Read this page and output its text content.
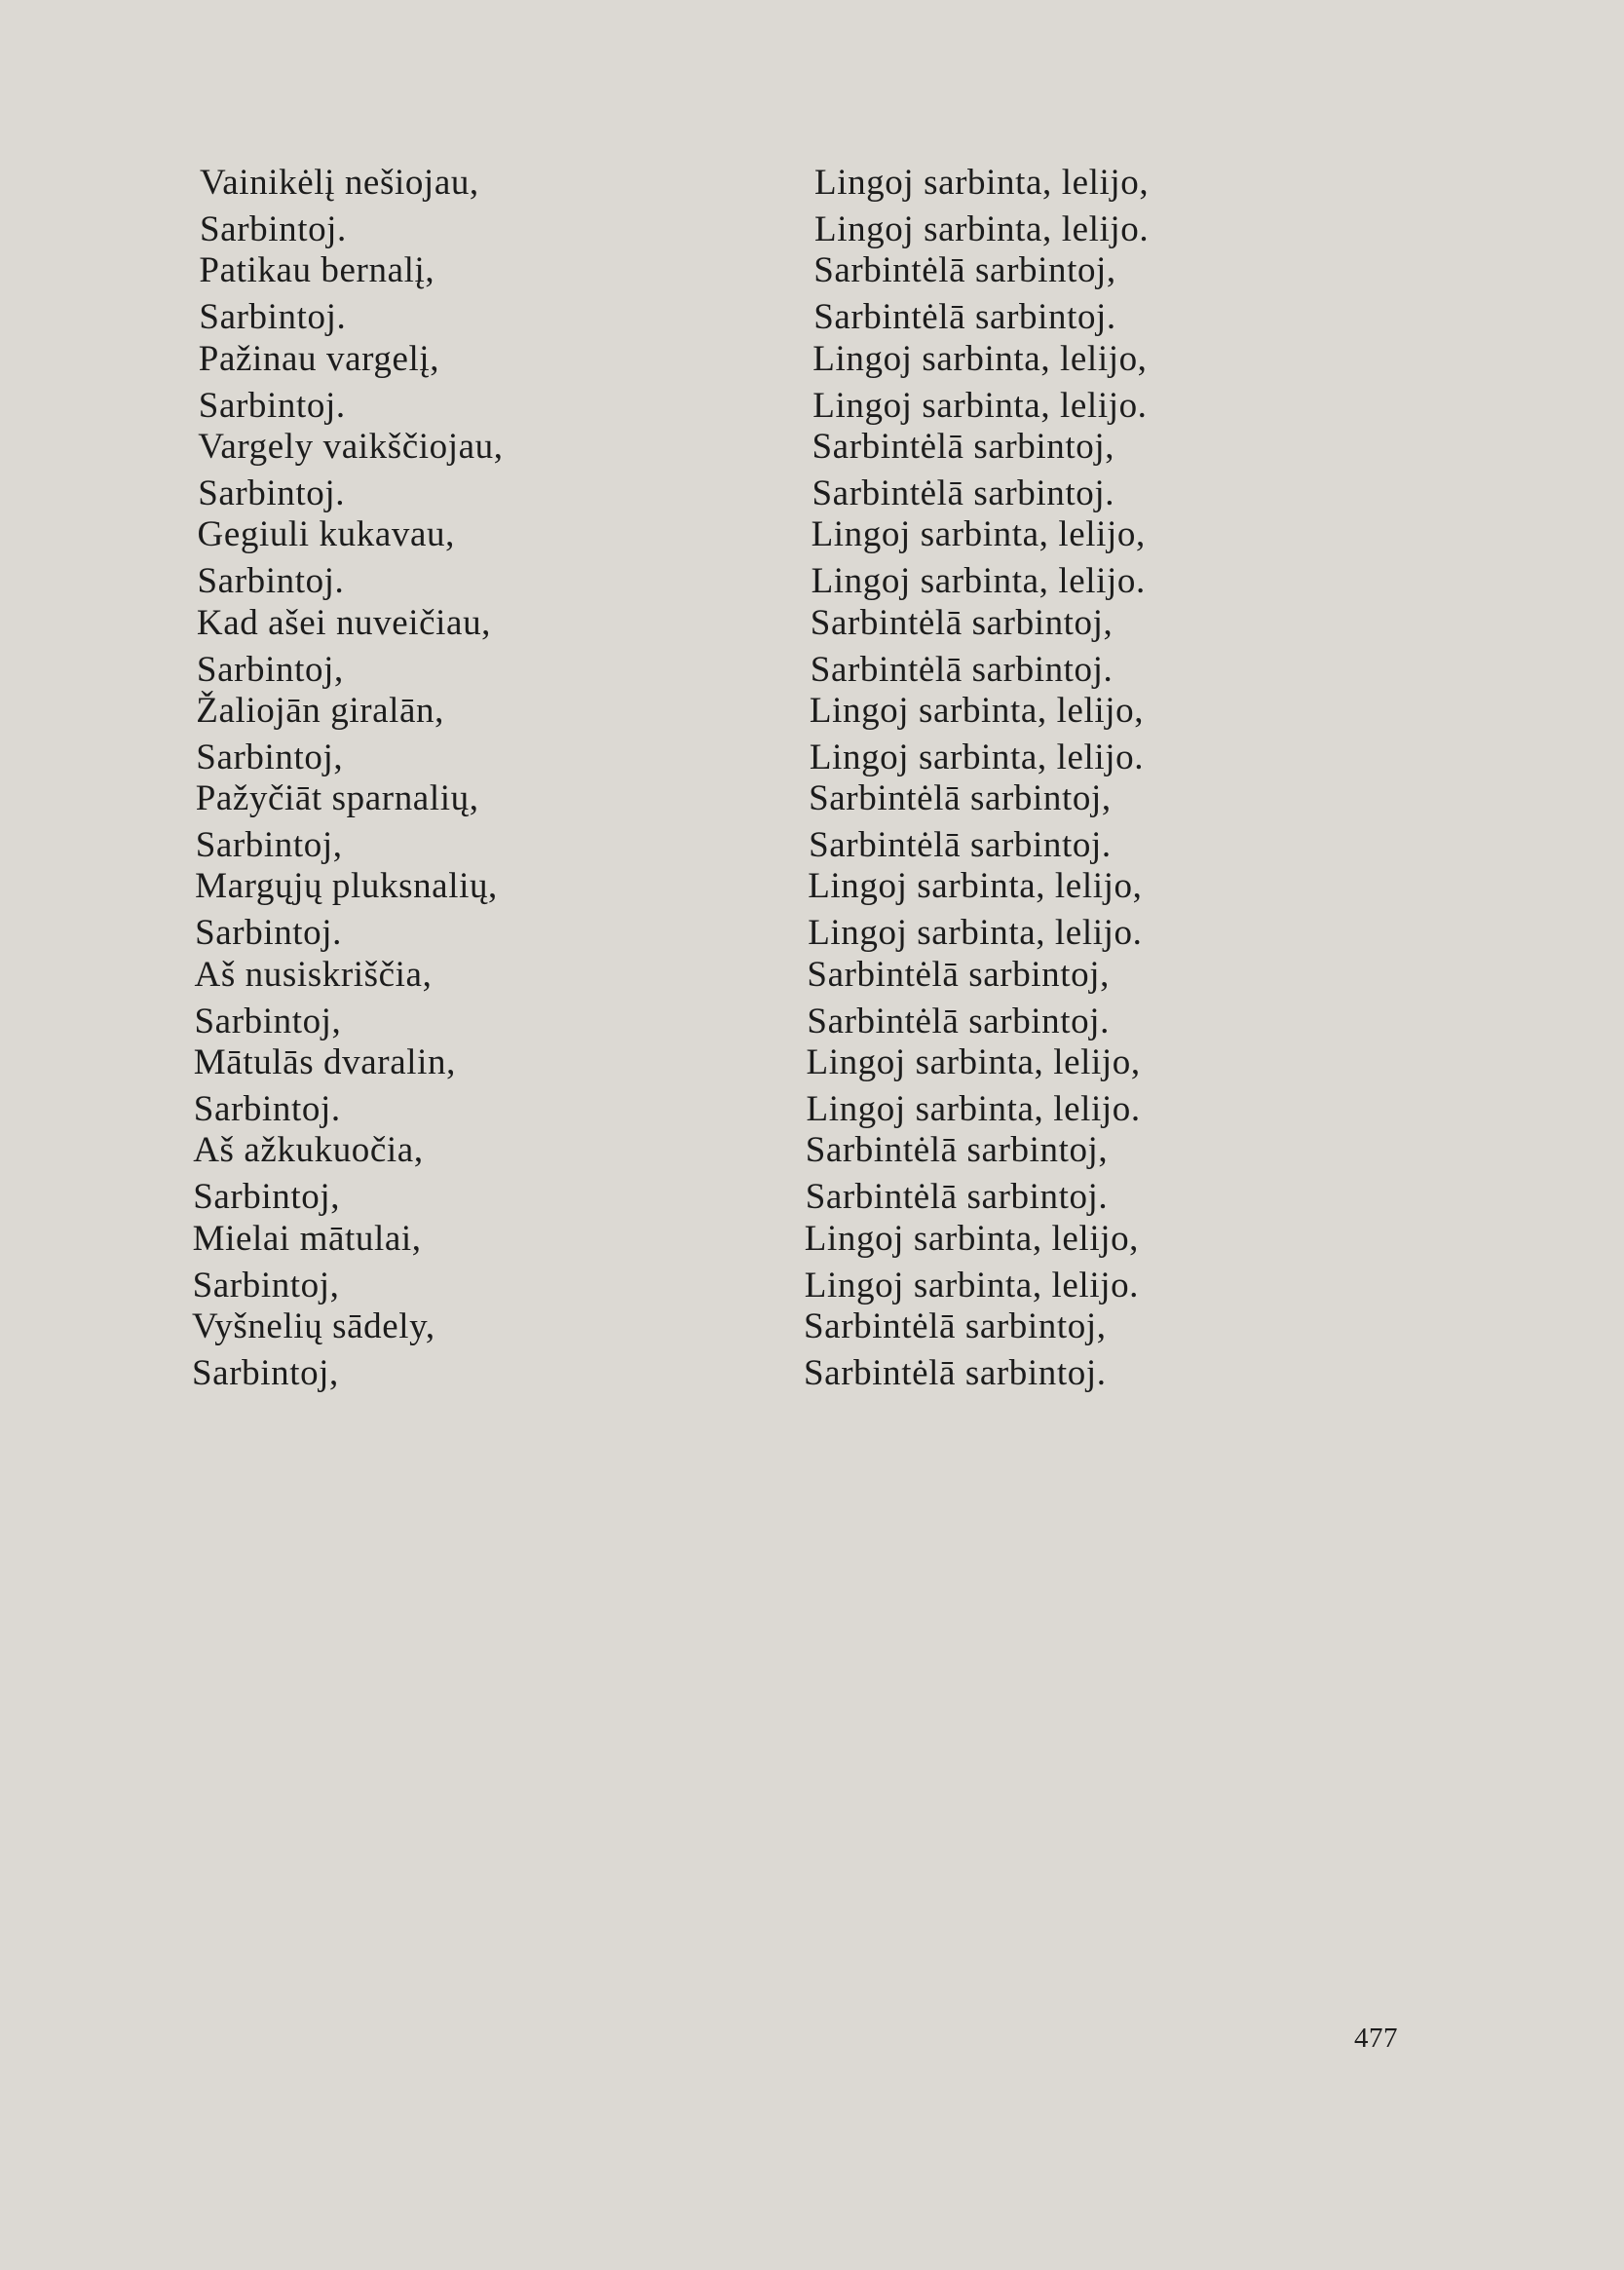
Vainikėlį nešiojau,
Sarbintoj.
Patikau bernalį,
Sarbintoj.
Pažinau vargelį,
Sarbintoj.
Vargely vaikščiojau,
Sarbintoj.
Gegiuli kukavau,
Sarbintoj.
Kad ašei nuveičiau,
Sarbintoj,
Žaliojān giralān,
Sarbintoj,
Pažyčiāt sparnalių,
Sarbintoj,
Margųjų pluksnalių,
Sarbintoj.
Aš nusiskriščia,
Sarbintoj,
Mātulās dvaralin,
Sarbintoj.
Aš ažkukuočia,
Sarbintoj,
Mielai mātulai,
Sarbintoj,
Vyšnelių sādely,
Sarbintoj,
Lingoj sarbinta, lelijo,
Lingoj sarbinta, lelijo.
Sarbintėlā sarbintoj,
Sarbintėlā sarbintoj.
Lingoj sarbinta, lelijo,
Lingoj sarbinta, lelijo.
Sarbintėlā sarbintoj,
Sarbintėlā sarbintoj.
Lingoj sarbinta, lelijo,
Lingoj sarbinta, lelijo.
Sarbintėlā sarbintoj,
Sarbintėlā sarbintoj.
Lingoj sarbinta, lelijo,
Lingoj sarbinta, lelijo.
Sarbintėlā sarbintoj,
Sarbintėlā sarbintoj.
Lingoj sarbinta, lelijo,
Lingoj sarbinta, lelijo.
Sarbintėlā sarbintoj,
Sarbintėlā sarbintoj.
Lingoj sarbinta, lelijo,
Lingoj sarbinta, lelijo.
Sarbintėlā sarbintoj,
Sarbintėlā sarbintoj.
Lingoj sarbinta, lelijo,
Lingoj sarbinta, lelijo.
Sarbintėlā sarbintoj,
Sarbintėlā sarbintoj.
477
